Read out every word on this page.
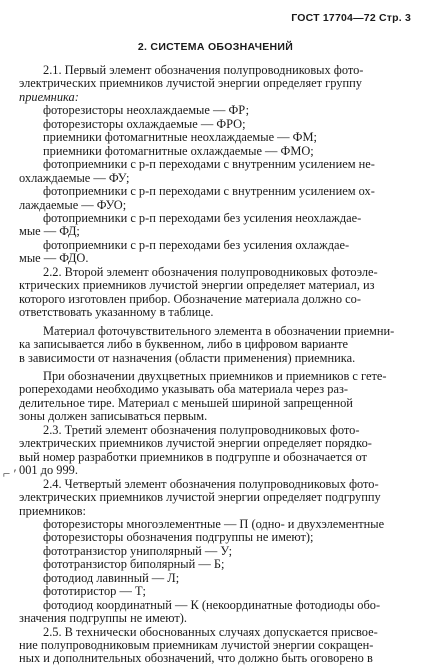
ГОСТ 17704—72 Стр. 3
2. СИСТЕМА ОБОЗНАЧЕНИЙ
⌐ ′
2.1. Первый элемент обозначения полупроводниковых фото-
электрических приемников лучистой энергии определяет группу
приемника:
фоторезисторы неохлаждаемые — ФР;
фоторезисторы охлаждаемые — ФРО;
приемники фотомагнитные неохлаждаемые — ФМ;
приемники фотомагнитные охлаждаемые — ФМО;
фотоприемники с р-п переходами с внутренним усилением не-
охлаждаемые — ФУ;
фотоприемники с р-п переходами с внутренним усилением ох-
лаждаемые — ФУО;
фотоприемники с р-п переходами без усиления неохлаждае-
мые — ФД;
фотоприемники с р-п переходами без усиления охлаждае-
мые — ФДО.
2.2. Второй элемент обозначения полупроводниковых фотоэле-
ктрических приемников лучистой энергии определяет материал, из
которого изготовлен прибор. Обозначение материала должно со-
ответствовать указанному в таблице.
Материал фоточувствительного элемента в обозначении приемни-
ка записывается либо в буквенном, либо в цифровом варианте
в зависимости от назначения (области применения) приемника.
При обозначении двухцветных приемников и приемников с гете-
ропереходами необходимо указывать оба материала через раз-
делительное тире. Материал с меньшей шириной запрещенной
зоны должен записываться первым.
2.3. Третий элемент обозначения полупроводниковых фото-
электрических приемников лучистой энергии определяет порядко-
вый номер разработки приемников в подгруппе и обозначается от
001 до 999.
2.4. Четвертый элемент обозначения полупроводниковых фото-
электрических приемников лучистой энергии определяет подгруппу
приемников:
фоторезисторы многоэлементные — П (одно- и двухэлементные
фоторезисторы обозначения подгруппы не имеют);
фототранзистор униполярный — У;
фототранзистор биполярный — Б;
фотодиод лавинный — Л;
фототиристор — Т;
фотодиод координатный — К (некоординатные фотодиоды обо-
значения подгруппы не имеют).
2.5. В технически обоснованных случаях допускается присвое-
ние полупроводниковым приемникам лучистой энергии сокращен-
ных и дополнительных обозначений, что должно быть оговорено в
